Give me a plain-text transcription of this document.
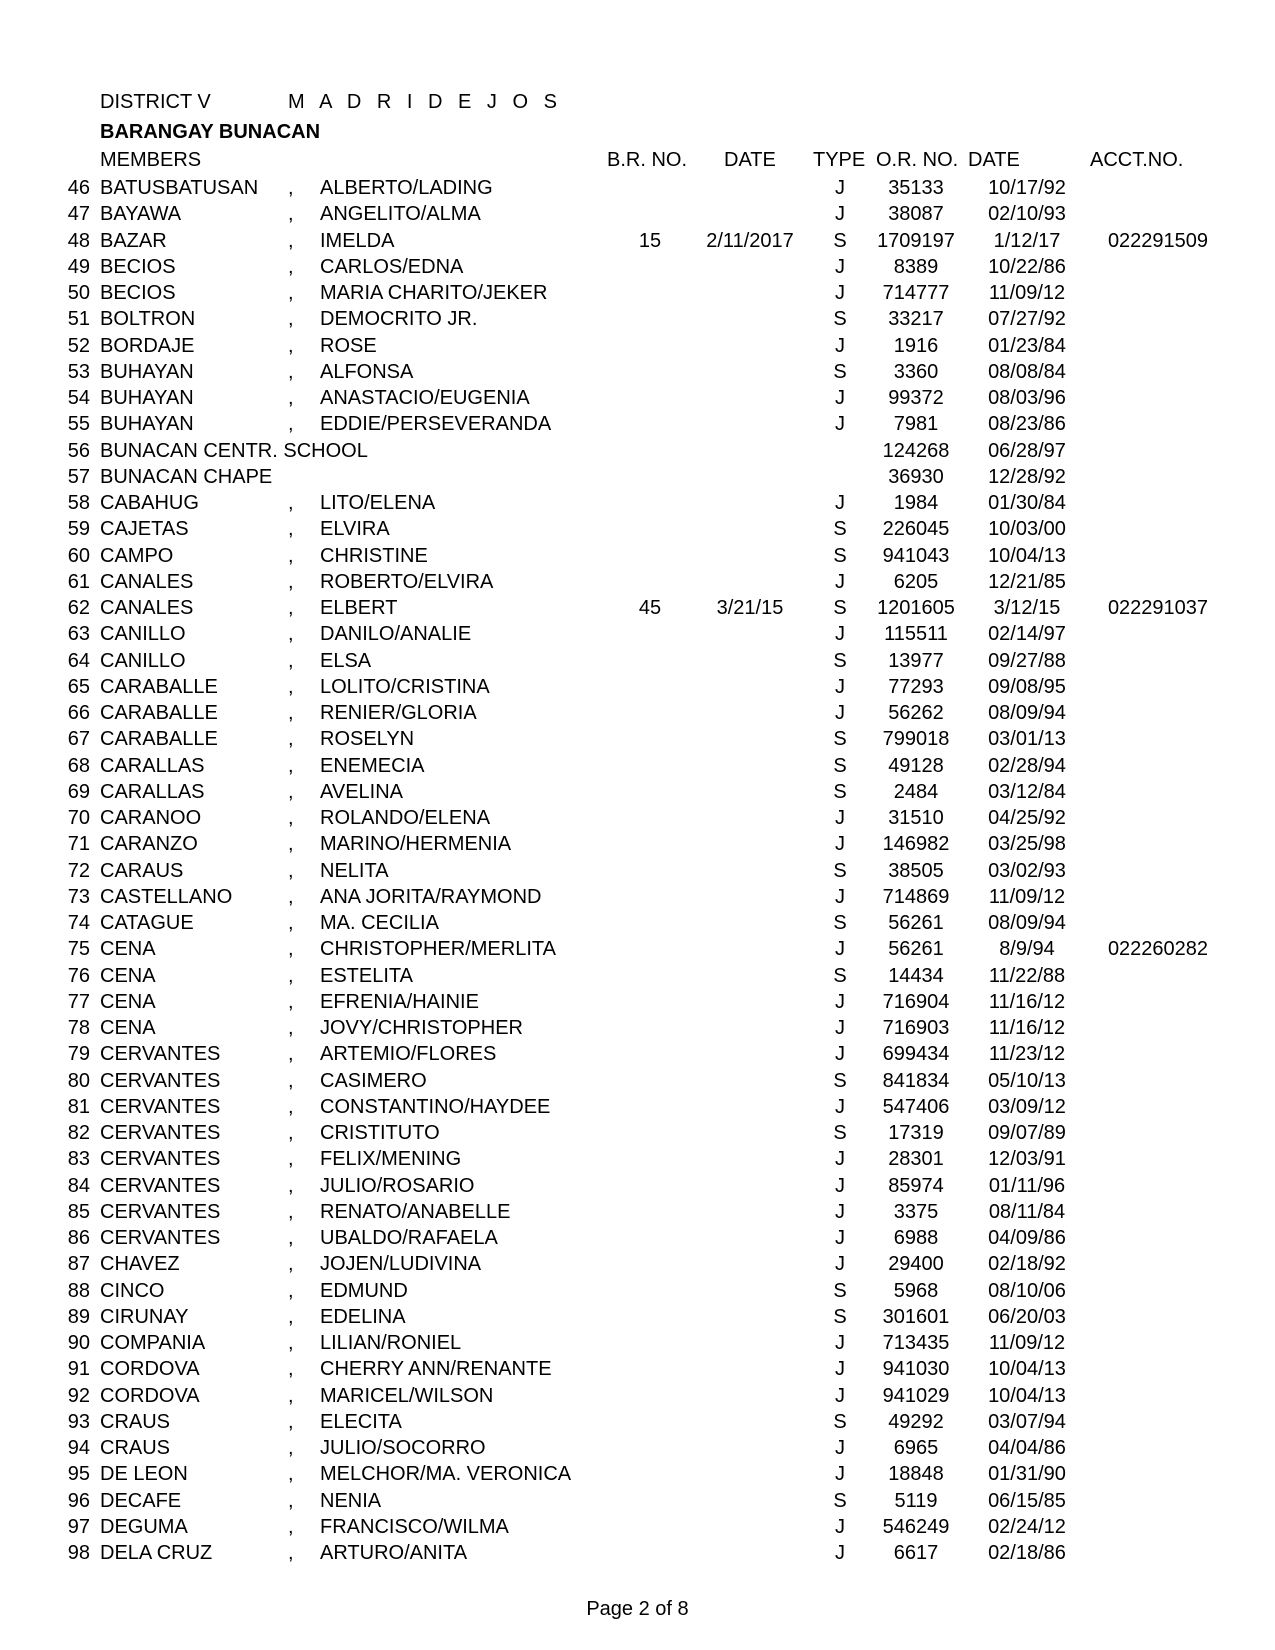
DISTRICT V	M A D R I D E J O S
BARANGAY BUNACAN
MEMBERS	B.R. NO. DATE TYPE O.R. NO. DATE	ACCT.NO.
46 BATUSBATUSAN , ALBERTO/LADING	J	35133	10/17/92
47 BAYAWA	, ANGELITO/ALMA	J	38087	02/10/93
48 BAZAR	, IMELDA	15	2/11/2017	S	1709197	1/12/17	022291509
49 BECIOS	, CARLOS/EDNA	J	8389	10/22/86
50 BECIOS	, MARIA CHARITO/JEKER	J	714777	11/09/12
51 BOLTRON	, DEMOCRITO JR.	S	33217	07/27/92
52 BORDAJE	, ROSE	J	1916	01/23/84
53 BUHAYAN	, ALFONSA	S	3360	08/08/84
54 BUHAYAN	, ANASTACIO/EUGENIA	J	99372	08/03/96
55 BUHAYAN	, EDDIE/PERSEVERANDA	J	7981	08/23/86
56 BUNACAN CENTR. SCHOOL	124268	06/28/97
57 BUNACAN CHAPE	36930	12/28/92
58 CABAHUG	, LITO/ELENA	J	1984	01/30/84
59 CAJETAS	, ELVIRA	S	226045	10/03/00
60 CAMPO	, CHRISTINE	S	941043	10/04/13
61 CANALES	, ROBERTO/ELVIRA	J	6205	12/21/85
62 CANALES	, ELBERT	45	3/21/15	S	1201605	3/12/15	022291037
63 CANILLO	, DANILO/ANALIE	J	115511	02/14/97
64 CANILLO	, ELSA	S	13977	09/27/88
65 CARABALLE	, LOLITO/CRISTINA	J	77293	09/08/95
66 CARABALLE	, RENIER/GLORIA	J	56262	08/09/94
67 CARABALLE	, ROSELYN	S	799018	03/01/13
68 CARALLAS	, ENEMECIA	S	49128	02/28/94
69 CARALLAS	, AVELINA	S	2484	03/12/84
70 CARANOO	, ROLANDO/ELENA	J	31510	04/25/92
71 CARANZO	, MARINO/HERMENIA	J	146982	03/25/98
72 CARAUS	, NELITA	S	38505	03/02/93
73 CASTELLANO	, ANA JORITA/RAYMOND	J	714869	11/09/12
74 CATAGUE	, MA. CECILIA	S	56261	08/09/94
75 CENA	, CHRISTOPHER/MERLITA	J	56261	8/9/94	022260282
76 CENA	, ESTELITA	S	14434	11/22/88
77 CENA	, EFRENIA/HAINIE	J	716904	11/16/12
78 CENA	, JOVY/CHRISTOPHER	J	716903	11/16/12
79 CERVANTES	, ARTEMIO/FLORES	J	699434	11/23/12
80 CERVANTES	, CASIMERO	S	841834	05/10/13
81 CERVANTES	, CONSTANTINO/HAYDEE	J	547406	03/09/12
82 CERVANTES	, CRISTITUTO	S	17319	09/07/89
83 CERVANTES	, FELIX/MENING	J	28301	12/03/91
84 CERVANTES	, JULIO/ROSARIO	J	85974	01/11/96
85 CERVANTES	, RENATO/ANABELLE	J	3375	08/11/84
86 CERVANTES	, UBALDO/RAFAELA	J	6988	04/09/86
87 CHAVEZ	, JOJEN/LUDIVINA	J	29400	02/18/92
88 CINCO	, EDMUND	S	5968	08/10/06
89 CIRUNAY	, EDELINA	S	301601	06/20/03
90 COMPANIA	, LILIAN/RONIEL	J	713435	11/09/12
91 CORDOVA	, CHERRY ANN/RENANTE	J	941030	10/04/13
92 CORDOVA	, MARICEL/WILSON	J	941029	10/04/13
93 CRAUS	, ELECITA	S	49292	03/07/94
94 CRAUS	, JULIO/SOCORRO	J	6965	04/04/86
95 DE LEON	, MELCHOR/MA. VERONICA	J	18848	01/31/90
96 DECAFE	, NENIA	S	5119	06/15/85
97 DEGUMA	, FRANCISCO/WILMA	J	546249	02/24/12
98 DELA CRUZ	, ARTURO/ANITA	J	6617	02/18/86
Page 2 of 8
